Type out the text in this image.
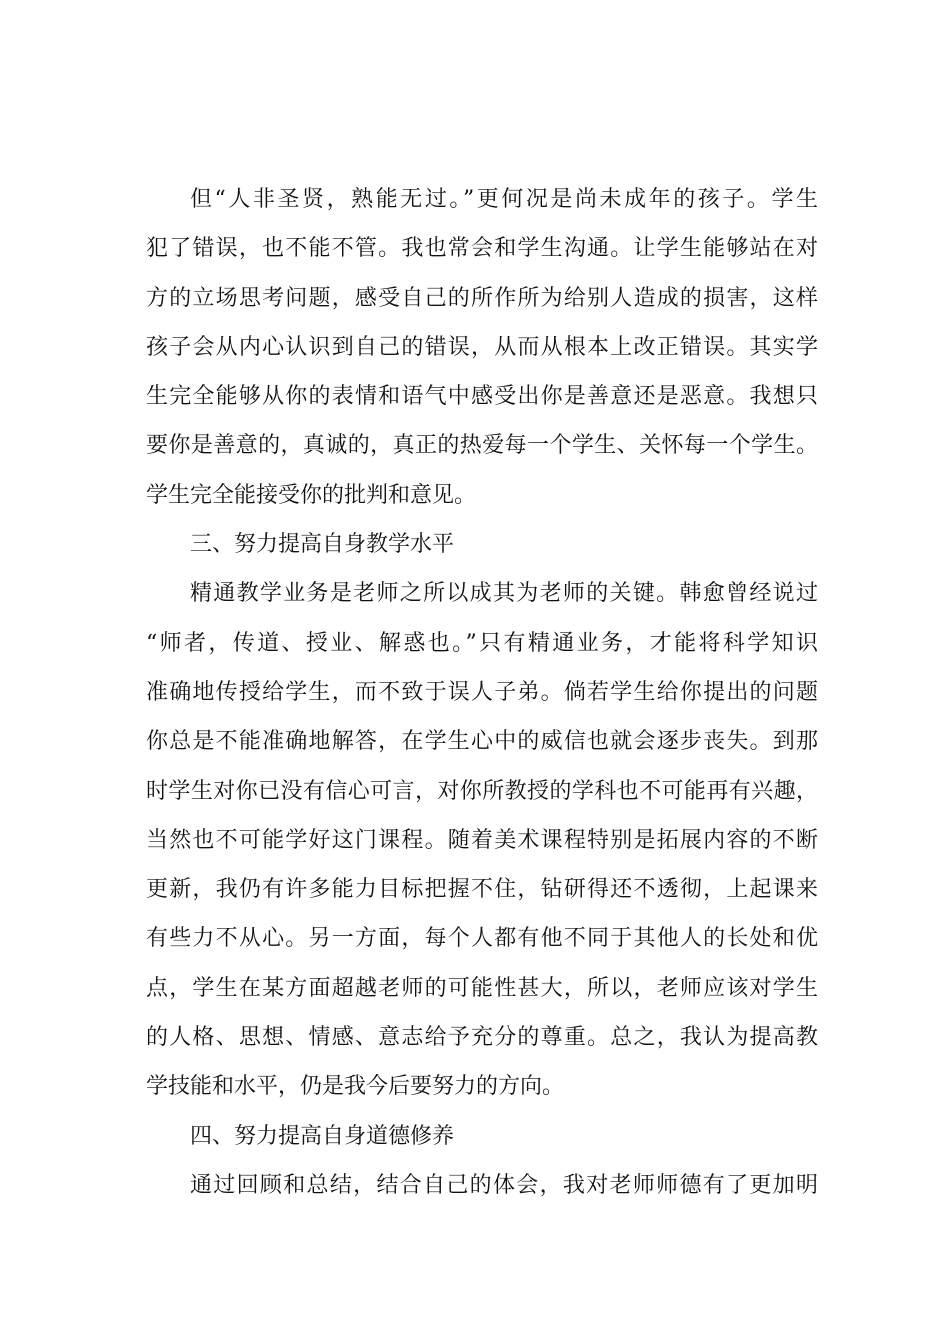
但“人非圣贤，熟能无过。”更何况是尚未成年的孩子。学生
犯了错误，也不能不管。我也常会和学生沟通。让学生能够站在对
方的立场思考问题，感受自己的所作所为给别人造成的损害，这样
孩子会从内心认识到自己的错误，从而从根本上改正错误。其实学
生完全能够从你的表情和语气中感受出你是善意还是恶意。我想只
要你是善意的，真诚的，真正的热爱每一个学生、关怀每一个学生。
学生完全能接受你的批判和意见。
三、努力提高自身教学水平
精通教学业务是老师之所以成其为老师的关键。韩愈曾经说过
“师者，传道、授业、解惑也。”只有精通业务，才能将科学知识
准确地传授给学生，而不致于误人子弟。倘若学生给你提出的问题
你总是不能准确地解答，在学生心中的威信也就会逐步丧失。到那
时学生对你已没有信心可言，对你所教授的学科也不可能再有兴趣，
当然也不可能学好这门课程。随着美术课程特别是拓展内容的不断
更新，我仍有许多能力目标把握不住，钻研得还不透彻，上起课来
有些力不从心。另一方面，每个人都有他不同于其他人的长处和优
点，学生在某方面超越老师的可能性甚大，所以，老师应该对学生
的人格、思想、情感、意志给予充分的尊重。总之，我认为提高教
学技能和水平，仍是我今后要努力的方向。
四、努力提高自身道德修养
通过回顾和总结，结合自己的体会，我对老师师德有了更加明
